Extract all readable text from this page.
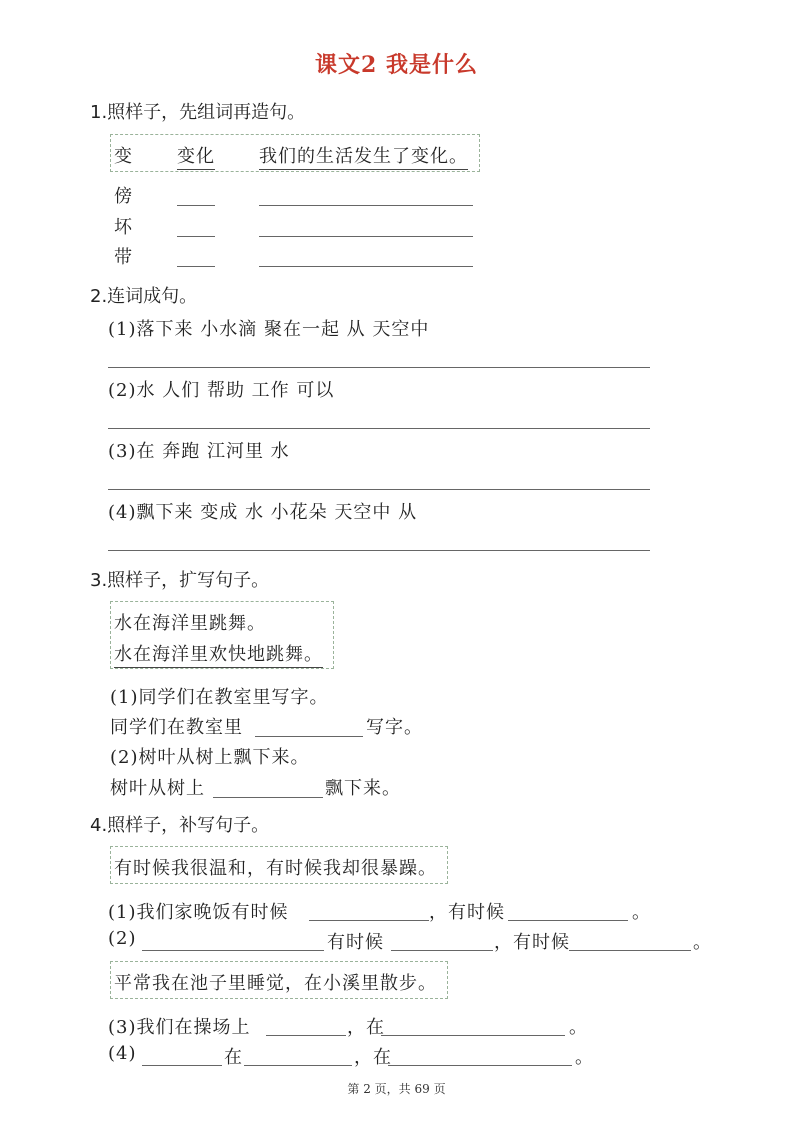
课文2 我是什么
1.照样子，先组词再造句。
变 变化 我们的生活发生了变化。
傍
坏
带
2.连词成句。
(1)落下来 小水滴 聚在一起 从 天空中
(2)水 人们 帮助 工作 可以
(3)在 奔跑 江河里 水
(4)飘下来 变成 水 小花朵 天空中 从
3.照样子，扩写句子。
水在海洋里跳舞。
水在海洋里欢快地跳舞。
(1)同学们在教室里写字。
同学们在教室里	写字。
(2)树叶从树上飘下来。
树叶从树上	飘下来。
4.照样子，补写句子。
有时候我很温和，有时候我却很暴躁。
(1)我们家晚饭有时候	，有时候	。
(2)	有时候	，有时候	。
平常我在池子里睡觉，在小溪里散步。
(3)我们在操场上	，在	。
(4)	在	，在	。
第 2 页，共 69 页
